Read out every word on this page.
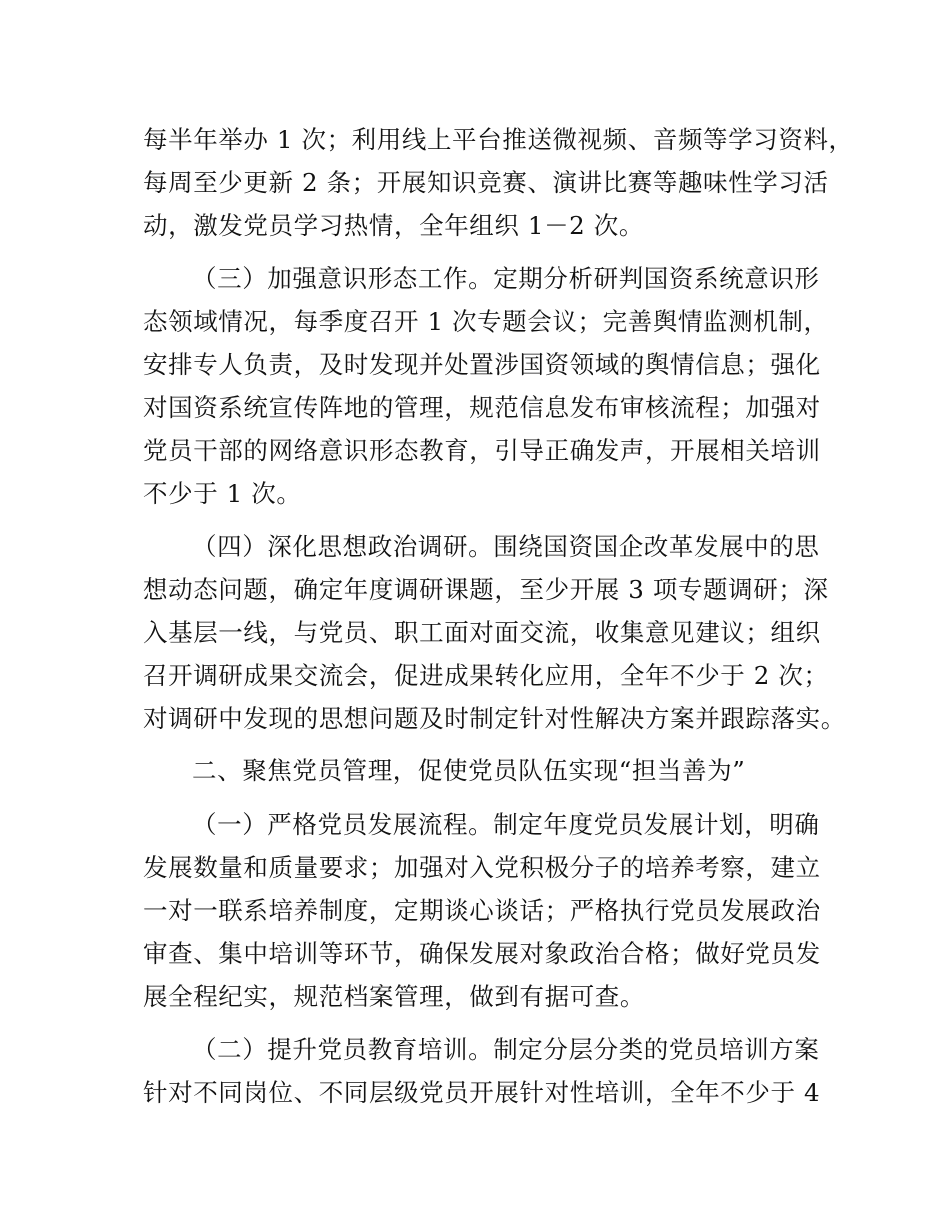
每半年举办 1 次；利用线上平台推送微视频、音频等学习资料，
每周至少更新 2 条；开展知识竞赛、演讲比赛等趣味性学习活
动，激发党员学习热情，全年组织 1－2 次。
（三）加强意识形态工作。定期分析研判国资系统意识形
态领域情况，每季度召开 1 次专题会议；完善舆情监测机制，
安排专人负责，及时发现并处置涉国资领域的舆情信息；强化
对国资系统宣传阵地的管理，规范信息发布审核流程；加强对
党员干部的网络意识形态教育，引导正确发声，开展相关培训
不少于 1 次。
（四）深化思想政治调研。围绕国资国企改革发展中的思
想动态问题，确定年度调研课题，至少开展 3 项专题调研；深
入基层一线，与党员、职工面对面交流，收集意见建议；组织
召开调研成果交流会，促进成果转化应用，全年不少于 2 次；
对调研中发现的思想问题及时制定针对性解决方案并跟踪落实。
二、聚焦党员管理，促使党员队伍实现“担当善为”
（一）严格党员发展流程。制定年度党员发展计划，明确
发展数量和质量要求；加强对入党积极分子的培养考察，建立
一对一联系培养制度，定期谈心谈话；严格执行党员发展政治
审查、集中培训等环节，确保发展对象政治合格；做好党员发
展全程纪实，规范档案管理，做到有据可查。
（二）提升党员教育培训。制定分层分类的党员培训方案
针对不同岗位、不同层级党员开展针对性培训，全年不少于 4
